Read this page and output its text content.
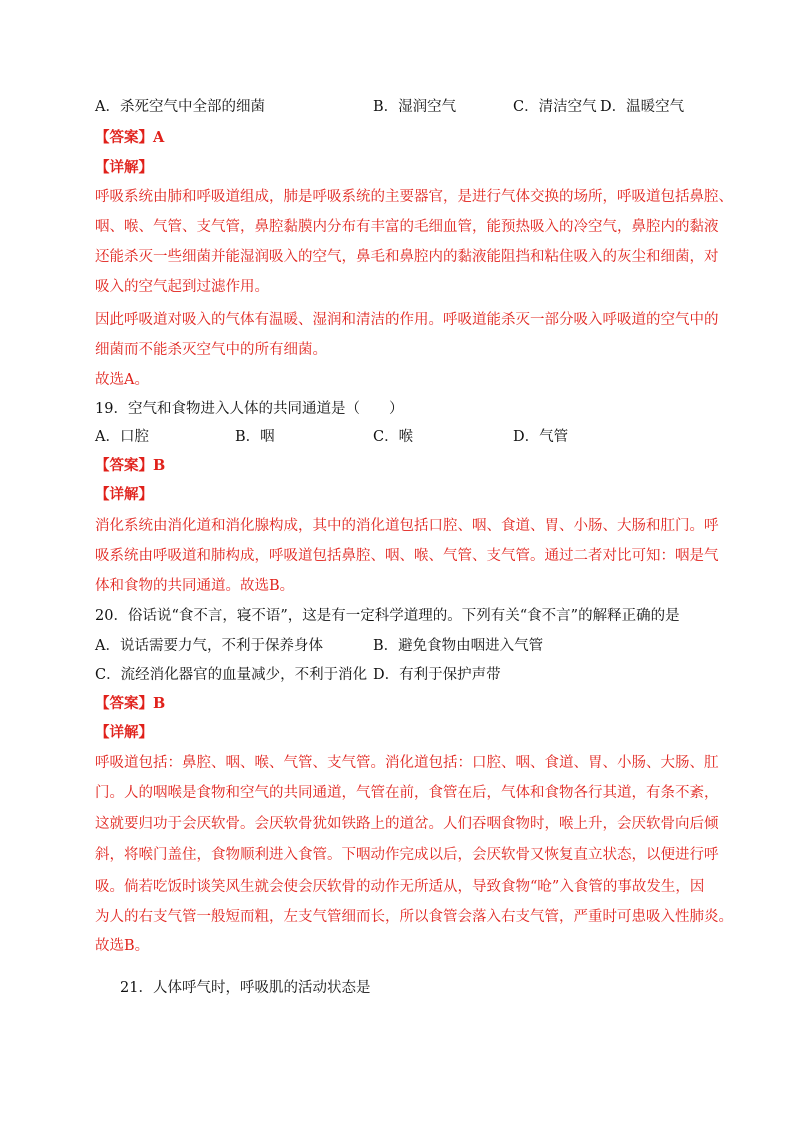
A．杀死空气中全部的细菌	B．湿润空气	C．清洁空气 D．温暖空气
【答案】A
【详解】
呼吸系统由肺和呼吸道组成，肺是呼吸系统的主要器官，是进行气体交换的场所，呼吸道包括鼻腔、
咽、喉、气管、支气管，鼻腔黏膜内分布有丰富的毛细血管，能预热吸入的冷空气，鼻腔内的黏液
还能杀灭一些细菌并能湿润吸入的空气，鼻毛和鼻腔内的黏液能阻挡和粘住吸入的灰尘和细菌，对
吸入的空气起到过滤作用。
因此呼吸道对吸入的气体有温暖、湿润和清洁的作用。呼吸道能杀灭一部分吸入呼吸道的空气中的
细菌而不能杀灭空气中的所有细菌。
故选A。
19．空气和食物进入人体的共同通道是（　　）
A．口腔	B．咽	C．喉	D．气管
【答案】B
【详解】
消化系统由消化道和消化腺构成，其中的消化道包括口腔、咽、食道、胃、小肠、大肠和肛门。呼
吸系统由呼吸道和肺构成，呼吸道包括鼻腔、咽、喉、气管、支气管。通过二者对比可知：咽是气
体和食物的共同通道。故选B。
20．俗话说“食不言，寝不语”，这是有一定科学道理的。下列有关“食不言”的解释正确的是
A．说话需要力气，不利于保养身体	B．避免食物由咽进入气管
C．流经消化器官的血量减少，不利于消化 D．有利于保护声带
【答案】B
【详解】
呼吸道包括：鼻腔、咽、喉、气管、支气管。消化道包括：口腔、咽、食道、胃、小肠、大肠、肛
门。人的咽喉是食物和空气的共同通道，气管在前，食管在后，气体和食物各行其道，有条不紊，
这就要归功于会厌软骨。会厌软骨犹如铁路上的道岔。人们吞咽食物时，喉上升，会厌软骨向后倾
斜，将喉门盖住，食物顺利进入食管。下咽动作完成以后，会厌软骨又恢复直立状态，以便进行呼
吸。倘若吃饭时谈笑风生就会使会厌软骨的动作无所适从，导致食物“呛”入食管的事故发生，因
为人的右支气管一般短而粗，左支气管细而长，所以食管会落入右支气管，严重时可患吸入性肺炎。
故选B。
21．人体呼气时，呼吸肌的活动状态是
